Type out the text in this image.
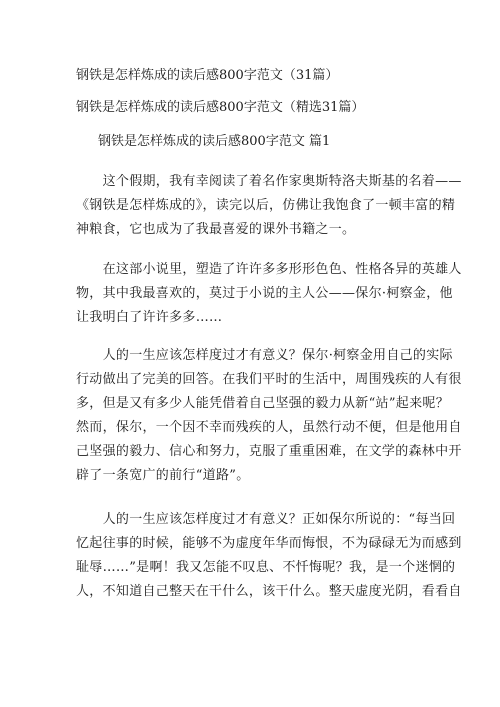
钢铁是怎样炼成的读后感800字范文（31篇）
钢铁是怎样炼成的读后感800字范文（精选31篇）
钢铁是怎样炼成的读后感800字范文 篇1
　　这个假期，我有幸阅读了着名作家奥斯特洛夫斯基的名着——
《钢铁是怎样炼成的》，读完以后，仿佛让我饱食了一顿丰富的精
神粮食，它也成为了我最喜爱的课外书籍之一。
　　在这部小说里，塑造了许许多多形形色色、性格各异的英雄人
物，其中我最喜欢的，莫过于小说的主人公——保尔·柯察金，他
让我明白了许许多多……
　　人的一生应该怎样度过才有意义？保尔·柯察金用自己的实际
行动做出了完美的回答。在我们平时的生活中，周围残疾的人有很
多，但是又有多少人能凭借着自己坚强的毅力从新“站”起来呢？
然而，保尔，一个因不幸而残疾的人，虽然行动不便，但是他用自
己坚强的毅力、信心和努力，克服了重重困难，在文学的森林中开
辟了一条宽广的前行“道路”。
　　人的一生应该怎样度过才有意义？正如保尔所说的：“每当回
忆起往事的时候，能够不为虚度年华而悔恨，不为碌碌无为而感到
耻辱……”是啊！我又怎能不叹息、不忏悔呢？我，是一个迷惘的
人，不知道自己整天在干什么，该干什么。整天虚度光阴，看看自
